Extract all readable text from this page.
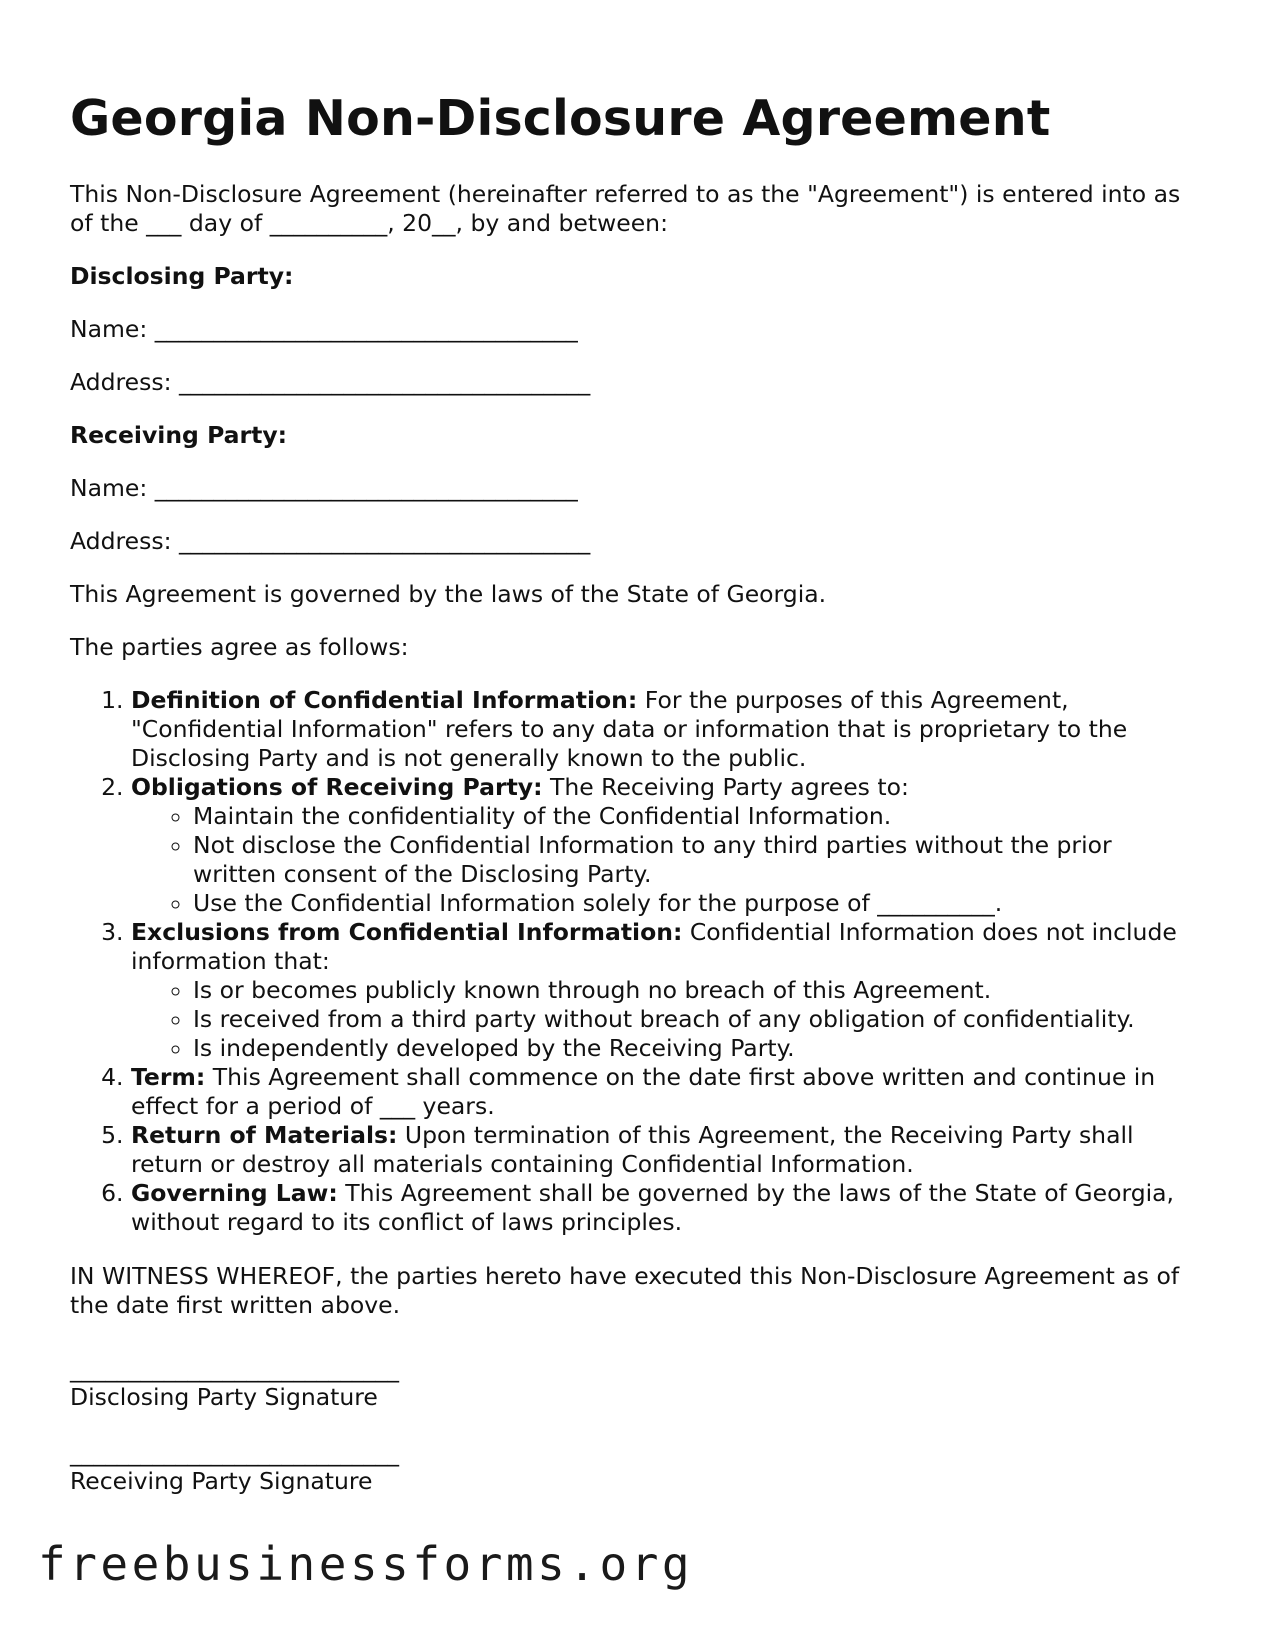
Georgia Non-Disclosure Agreement

This Non-Disclosure Agreement (hereinafter referred to as the "Agreement") is entered into as of the ___ day of __________, 20__, by and between:

Disclosing Party:

Name: ____________________________________

Address: ___________________________________

Receiving Party:

Name: ____________________________________

Address: ___________________________________

This Agreement is governed by the laws of the State of Georgia.

The parties agree as follows:

1. Definition of Confidential Information: For the purposes of this Agreement, "Confidential Information" refers to any data or information that is proprietary to the Disclosing Party and is not generally known to the public.
2. Obligations of Receiving Party: The Receiving Party agrees to:
◦ Maintain the confidentiality of the Confidential Information.
◦ Not disclose the Confidential Information to any third parties without the prior written consent of the Disclosing Party.
◦ Use the Confidential Information solely for the purpose of __________.
3. Exclusions from Confidential Information: Confidential Information does not include information that:
◦ Is or becomes publicly known through no breach of this Agreement.
◦ Is received from a third party without breach of any obligation of confidentiality.
◦ Is independently developed by the Receiving Party.
4. Term: This Agreement shall commence on the date first above written and continue in effect for a period of ___ years.
5. Return of Materials: Upon termination of this Agreement, the Receiving Party shall return or destroy all materials containing Confidential Information.
6. Governing Law: This Agreement shall be governed by the laws of the State of Georgia, without regard to its conflict of laws principles.

IN WITNESS WHEREOF, the parties hereto have executed this Non-Disclosure Agreement as of the date first written above.

____________________________
Disclosing Party Signature
____________________________
Receiving Party Signature
freebusinessforms.org
